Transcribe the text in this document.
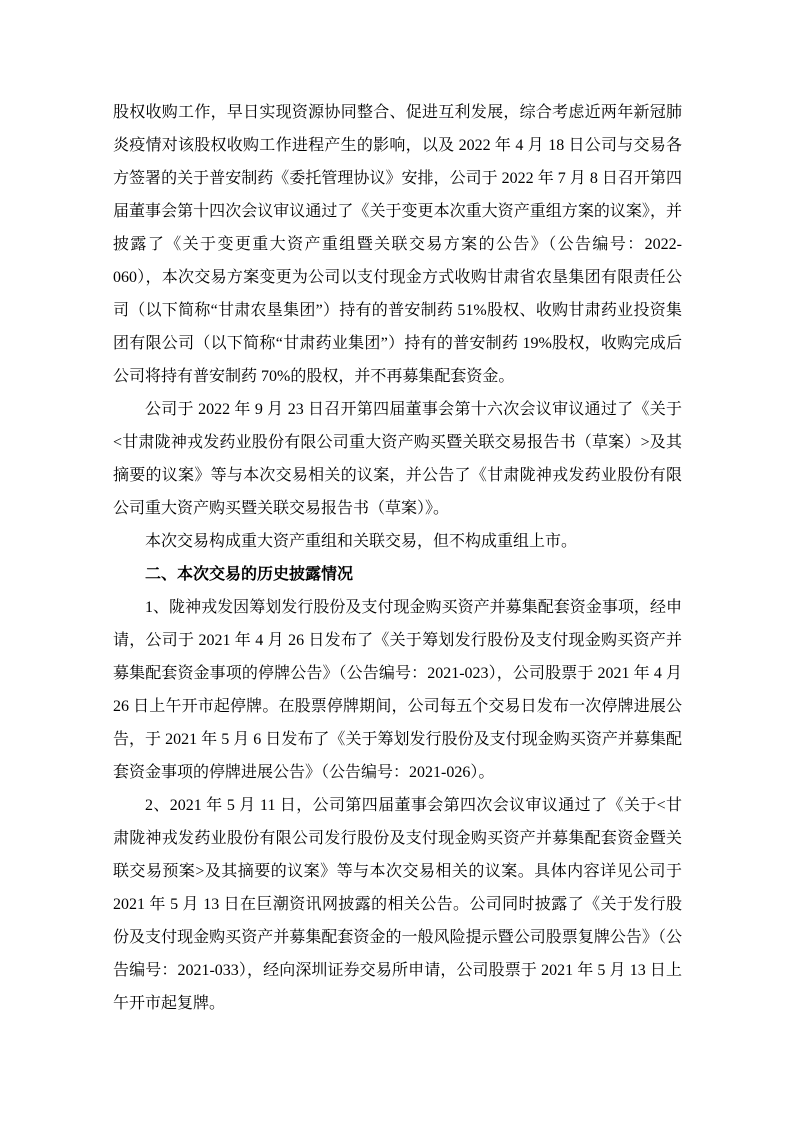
股权收购工作，早日实现资源协同整合、促进互利发展，综合考虑近两年新冠肺炎疫情对该股权收购工作进程产生的影响，以及 2022 年 4 月 18 日公司与交易各方签署的关于普安制药《委托管理协议》安排，公司于 2022 年 7 月 8 日召开第四届董事会第十四次会议审议通过了《关于变更本次重大资产重组方案的议案》，并披露了《关于变更重大资产重组暨关联交易方案的公告》（公告编号：2022-060），本次交易方案变更为公司以支付现金方式收购甘肃省农垦集团有限责任公司（以下简称“甘肃农垦集团”）持有的普安制药 51%股权、收购甘肃药业投资集团有限公司（以下简称“甘肃药业集团”）持有的普安制药 19%股权，收购完成后公司将持有普安制药 70%的股权，并不再募集配套资金。

公司于 2022 年 9 月 23 日召开第四届董事会第十六次会议审议通过了《关于<甘肃陇神戎发药业股份有限公司重大资产购买暨关联交易报告书（草案）>及其摘要的议案》等与本次交易相关的议案，并公告了《甘肃陇神戎发药业股份有限公司重大资产购买暨关联交易报告书（草案）》。

本次交易构成重大资产重组和关联交易，但不构成重组上市。

二、本次交易的历史披露情况

1、陇神戎发因筹划发行股份及支付现金购买资产并募集配套资金事项，经申请，公司于 2021 年 4 月 26 日发布了《关于筹划发行股份及支付现金购买资产并募集配套资金事项的停牌公告》（公告编号：2021-023），公司股票于 2021 年 4 月 26 日上午开市起停牌。在股票停牌期间，公司每五个交易日发布一次停牌进展公告，于 2021 年 5 月 6 日发布了《关于筹划发行股份及支付现金购买资产并募集配套资金事项的停牌进展公告》（公告编号：2021-026）。

2、2021 年 5 月 11 日，公司第四届董事会第四次会议审议通过了《关于<甘肃陇神戎发药业股份有限公司发行股份及支付现金购买资产并募集配套资金暨关联交易预案>及其摘要的议案》等与本次交易相关的议案。具体内容详见公司于 2021 年 5 月 13 日在巨潮资讯网披露的相关公告。公司同时披露了《关于发行股份及支付现金购买资产并募集配套资金的一般风险提示暨公司股票复牌公告》（公告编号：2021-033），经向深圳证券交易所申请，公司股票于 2021 年 5 月 13 日上午开市起复牌。
